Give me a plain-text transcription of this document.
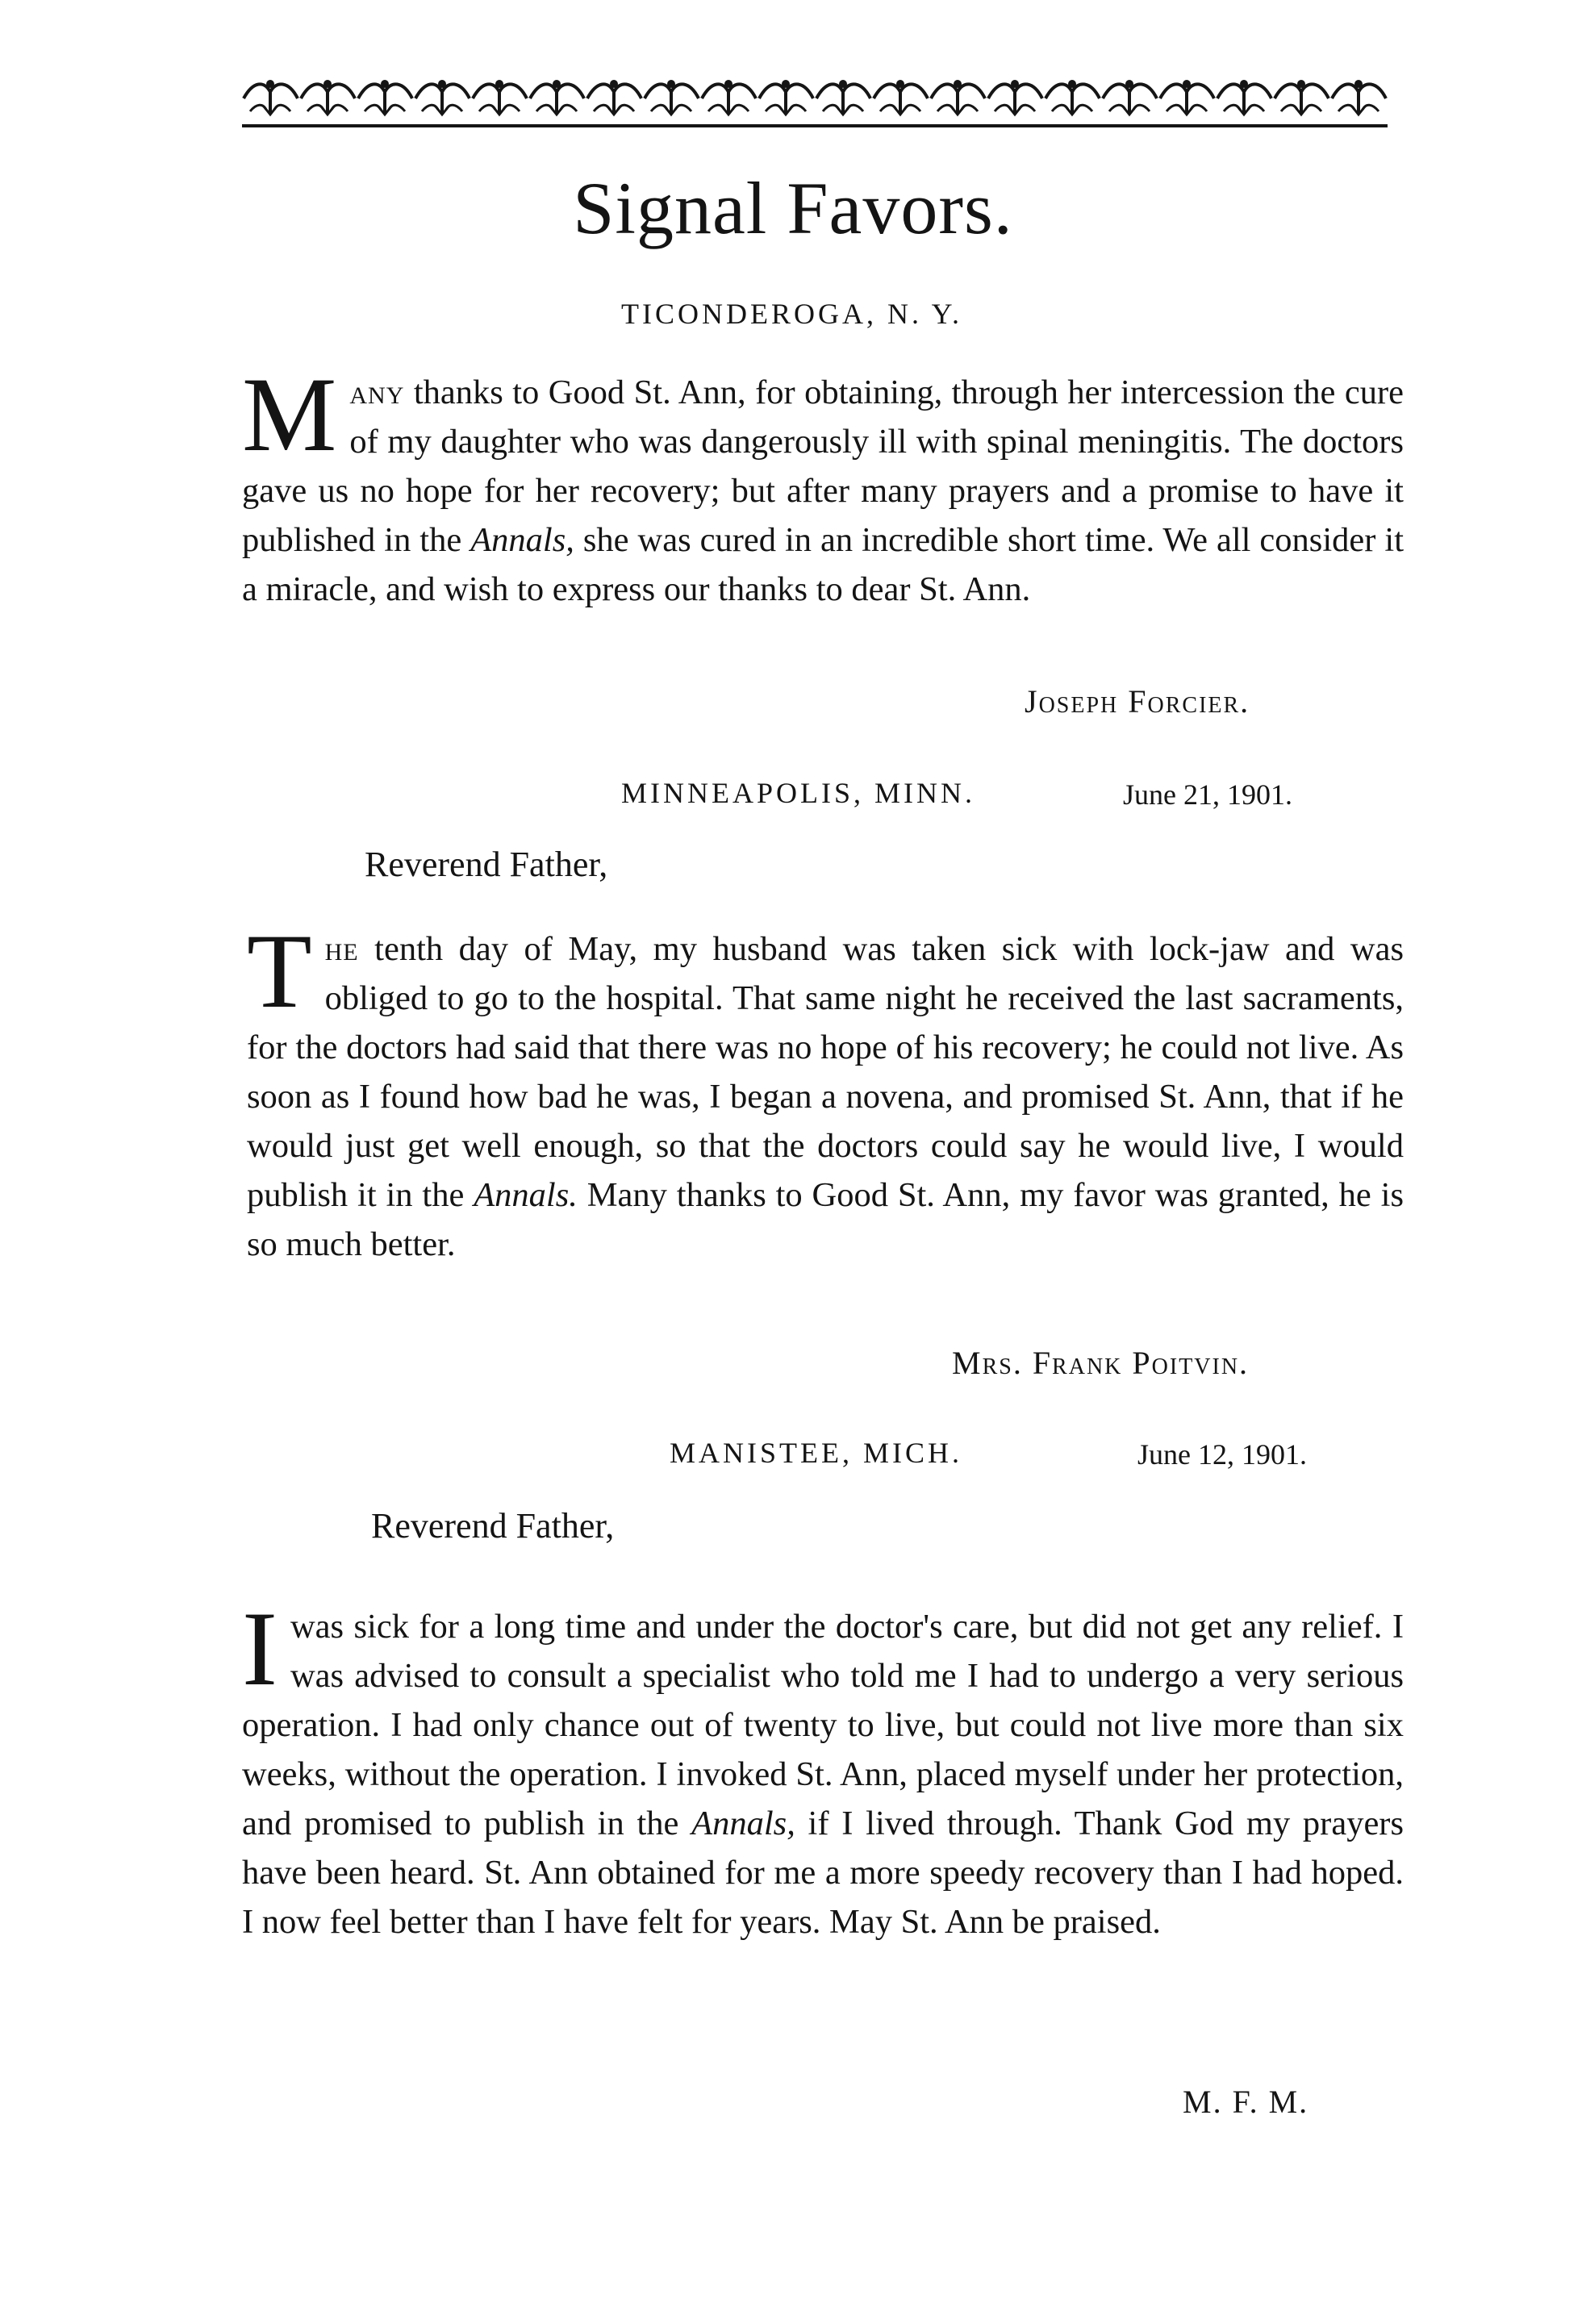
Signal Favors.
TICONDEROGA, N. Y.
Many thanks to Good St. Ann, for obtaining, through her intercession the cure of my daughter who was dangerously ill with spinal meningitis. The doctors gave us no hope for her recovery; but after many prayers and a promise to have it published in the Annals, she was cured in an incredible short time. We all consider it a miracle, and wish to express our thanks to dear St. Ann.
Joseph Forcier.
MINNEAPOLIS, MINN.	June 21, 1901.
Reverend Father,
The tenth day of May, my husband was taken sick with lock-jaw and was obliged to go to the hospital. That same night he received the last sacraments, for the doctors had said that there was no hope of his recovery; he could not live. As soon as I found how bad he was, I began a novena, and promised St. Ann, that if he would just get well enough, so that the doctors could say he would live, I would publish it in the Annals. Many thanks to Good St. Ann, my favor was granted, he is so much better.
Mrs. Frank Poitvin.
MANISTEE, MICH.	June 12, 1901.
Reverend Father,
Iwas sick for a long time and under the doctor's care, but did not get any relief. I was advised to consult a specialist who told me I had to undergo a very serious operation. I had only chance out of twenty to live, but could not live more than six weeks, without the operation. I invoked St. Ann, placed myself under her protection, and promised to publish in the Annals, if I lived through. Thank God my prayers have been heard. St. Ann obtained for me a more speedy recovery than I had hoped. I now feel better than I have felt for years. May St. Ann be praised.
M. F. M.
